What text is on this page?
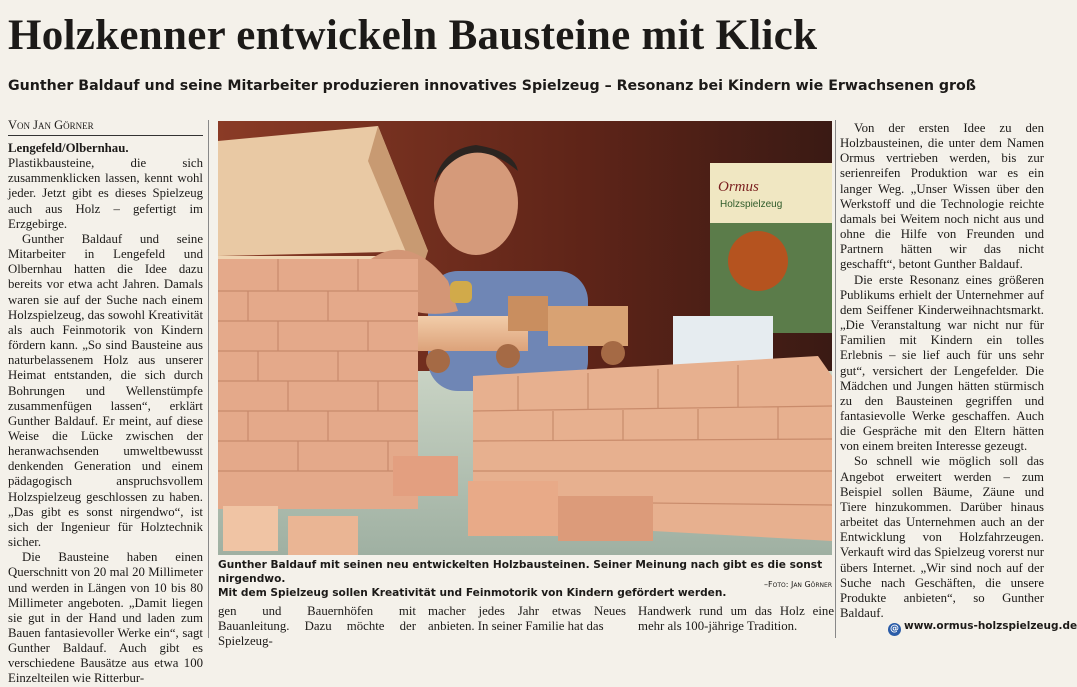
Holzkenner entwickeln Bausteine mit Klick
Gunther Baldauf und seine Mitarbeiter produzieren innovatives Spielzeug – Resonanz bei Kindern wie Erwachsenen groß
Von Jan Görner

Lengefeld/Olbernhau. Plastikbausteine, die sich zusammenklicken lassen, kennt wohl jeder. Jetzt gibt es dieses Spielzeug auch aus Holz – gefertigt im Erzgebirge.

Gunther Baldauf und seine Mitarbeiter in Lengefeld und Olbernhau hatten die Idee dazu bereits vor etwa acht Jahren. Damals waren sie auf der Suche nach einem Holzspielzeug, das sowohl Kreativität als auch Feinmotorik von Kindern fördern kann. „So sind Bausteine aus naturbelassenem Holz aus unserer Heimat entstanden, die sich durch Bohrungen und Wellenstümpfe zusammenfügen lassen“, erklärt Gunther Baldauf. Er meint, auf diese Weise die Lücke zwischen der heranwachsenden umweltbewusst denkenden Generation und einem pädagogisch anspruchsvollem Holzspielzeug geschlossen zu haben. „Das gibt es sonst nirgendwo“, ist sich der Ingenieur für Holztechnik sicher.

Die Bausteine haben einen Querschnitt von 20 mal 20 Millimeter und werden in Längen von 10 bis 80 Millimeter angeboten. „Damit liegen sie gut in der Hand und laden zum Bauen fantasievoller Werke ein“, sagt Gunther Baldauf. Auch gibt es verschiedene Bausätze aus etwa 100 Einzelteilen wie Ritterbur-

Ormus
Holzspielzeug
Gunther Baldauf mit seinen neu entwickelten Holzbausteinen. Seiner Meinung nach gibt es die sonst nirgendwo.
Mit dem Spielzeug sollen Kreativität und Feinmotorik von Kindern gefördert werden.
–Foto: Jan Görner
gen und Bauernhöfen mit Bauanleitung. Dazu möchte der Spielzeug-
macher jedes Jahr etwas Neues anbieten. In seiner Familie hat das
Handwerk rund um das Holz eine mehr als 100-jährige Tradition.

Von der ersten Idee zu den Holzbausteinen, die unter dem Namen Ormus vertrieben werden, bis zur serienreifen Produktion war es ein langer Weg. „Unser Wissen über den Werkstoff und die Technologie reichte damals bei Weitem noch nicht aus und ohne die Hilfe von Freunden und Partnern hätten wir das nicht geschafft“, betont Gunther Baldauf.

Die erste Resonanz eines größeren Publikums erhielt der Unternehmer auf dem Seiffener Kinderweihnachtsmarkt. „Die Veranstaltung war nicht nur für Familien mit Kindern ein tolles Erlebnis – sie lief auch für uns sehr gut“, versichert der Lengefelder. Die Mädchen und Jungen hätten stürmisch zu den Bausteinen gegriffen und fantasievolle Werke geschaffen. Auch die Gespräche mit den Eltern hätten von einem breiten Interesse gezeugt.

So schnell wie möglich soll das Angebot erweitert werden – zum Beispiel sollen Bäume, Zäune und Tiere hinzukommen. Darüber hinaus arbeitet das Unternehmen auch an der Entwicklung von Holzfahrzeugen. Verkauft wird das Spielzeug vorerst nur übers Internet. „Wir sind noch auf der Suche nach Geschäften, die unsere Produkte anbieten“, so Gunther Baldauf.

@ www.ormus-holzspielzeug.de
